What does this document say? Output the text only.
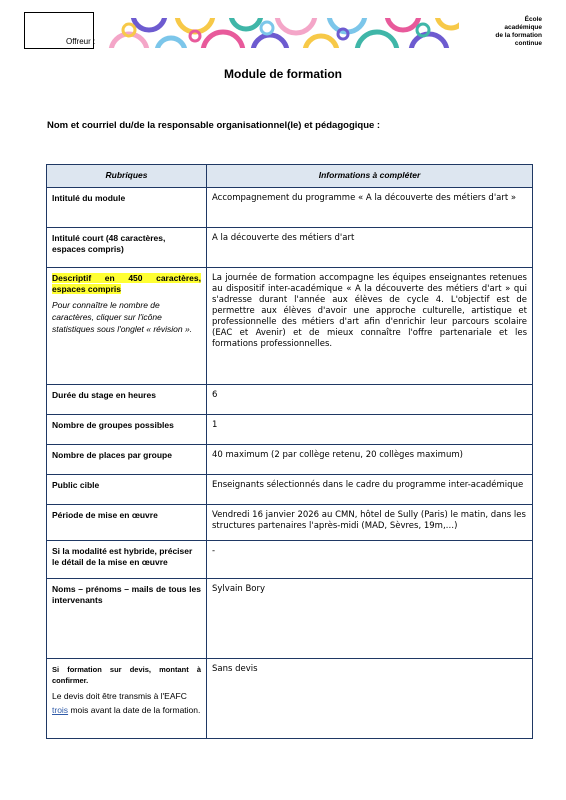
Offreur :
École
académique
de la formation
continue
Module de formation
Nom et courriel du/de la responsable organisationnel(le) et pédagogique :
Rubriques	Informations à compléter
Intitulé du module	Accompagnement du programme « A la découverte des métiers d'art »
Intitulé court (48 caractères, espaces compris)	A la découverte des métiers d'art

Descriptif en 450 caractères, espaces compris
Pour connaître le nombre de caractères, cliquer sur l'icône statistiques sous l'onglet « révision ».	La journée de formation accompagne les équipes enseignantes retenues au dispositif inter-académique « A la découverte des métiers d'art » qui s'adresse durant l'année aux élèves de cycle 4. L'objectif est de permettre aux élèves d'avoir une approche culturelle, artistique et professionnelle des métiers d'art afin d'enrichir leur parcours scolaire (EAC et Avenir) et de mieux connaître l'offre partenariale et les formations professionnelles.
Durée du stage en heures	6
Nombre de groupes possibles	1
Nombre de places par groupe	40 maximum (2 par collège retenu, 20 collèges maximum)
Public cible	Enseignants sélectionnés dans le cadre du programme inter-académique
Période de mise en œuvre	Vendredi 16 janvier 2026 au CMN, hôtel de Sully (Paris) le matin, dans les structures partenaires l'après-midi (MAD, Sèvres, 19m,…)
Si la modalité est hybride, préciser le détail de la mise en œuvre	-
Noms – prénoms – mails de tous les intervenants	Sylvain Bory

Si formation sur devis, montant à confirmer.
Le devis doit être transmis à l'EAFC trois mois avant la date de la formation.	Sans devis
